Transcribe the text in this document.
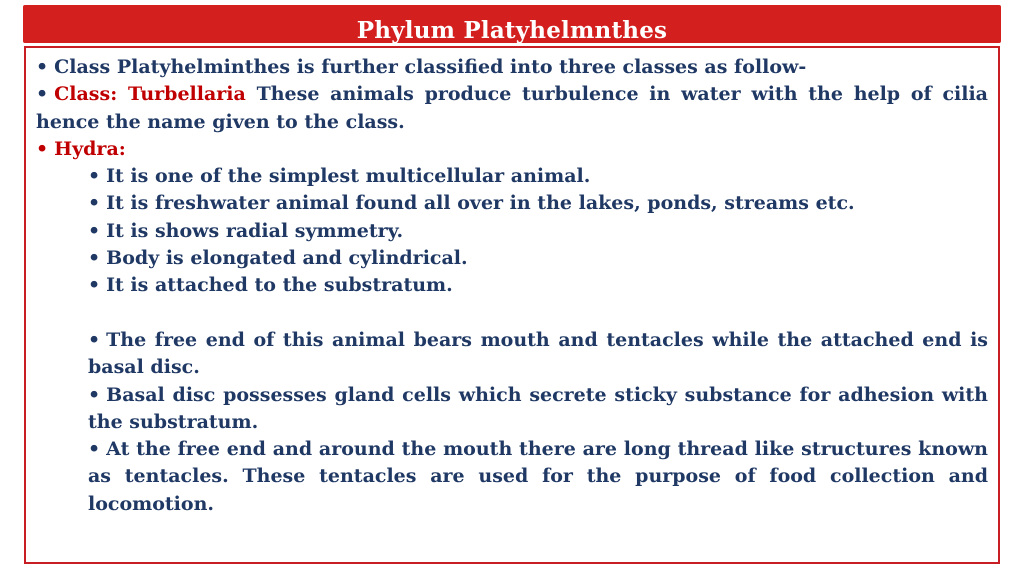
Phylum Platyhelmnthes

• Class Platyhelminthes is further classified into three classes as follow-

• Class: Turbellaria These animals produce turbulence in water with the help of cilia hence the name given to the class.

• Hydra:

• It is one of the simplest multicellular animal.

• It is freshwater animal found all over in the lakes, ponds, streams etc.

• It is shows radial symmetry.

• Body is elongated and cylindrical.

• It is attached to the substratum.

• The free end of this animal bears mouth and tentacles while the attached end is basal disc.

• Basal disc possesses gland cells which secrete sticky substance for adhesion with the substratum.

• At the free end and around the mouth there are long thread like structures known as tentacles. These tentacles are used for the purpose of food collection and locomotion.
